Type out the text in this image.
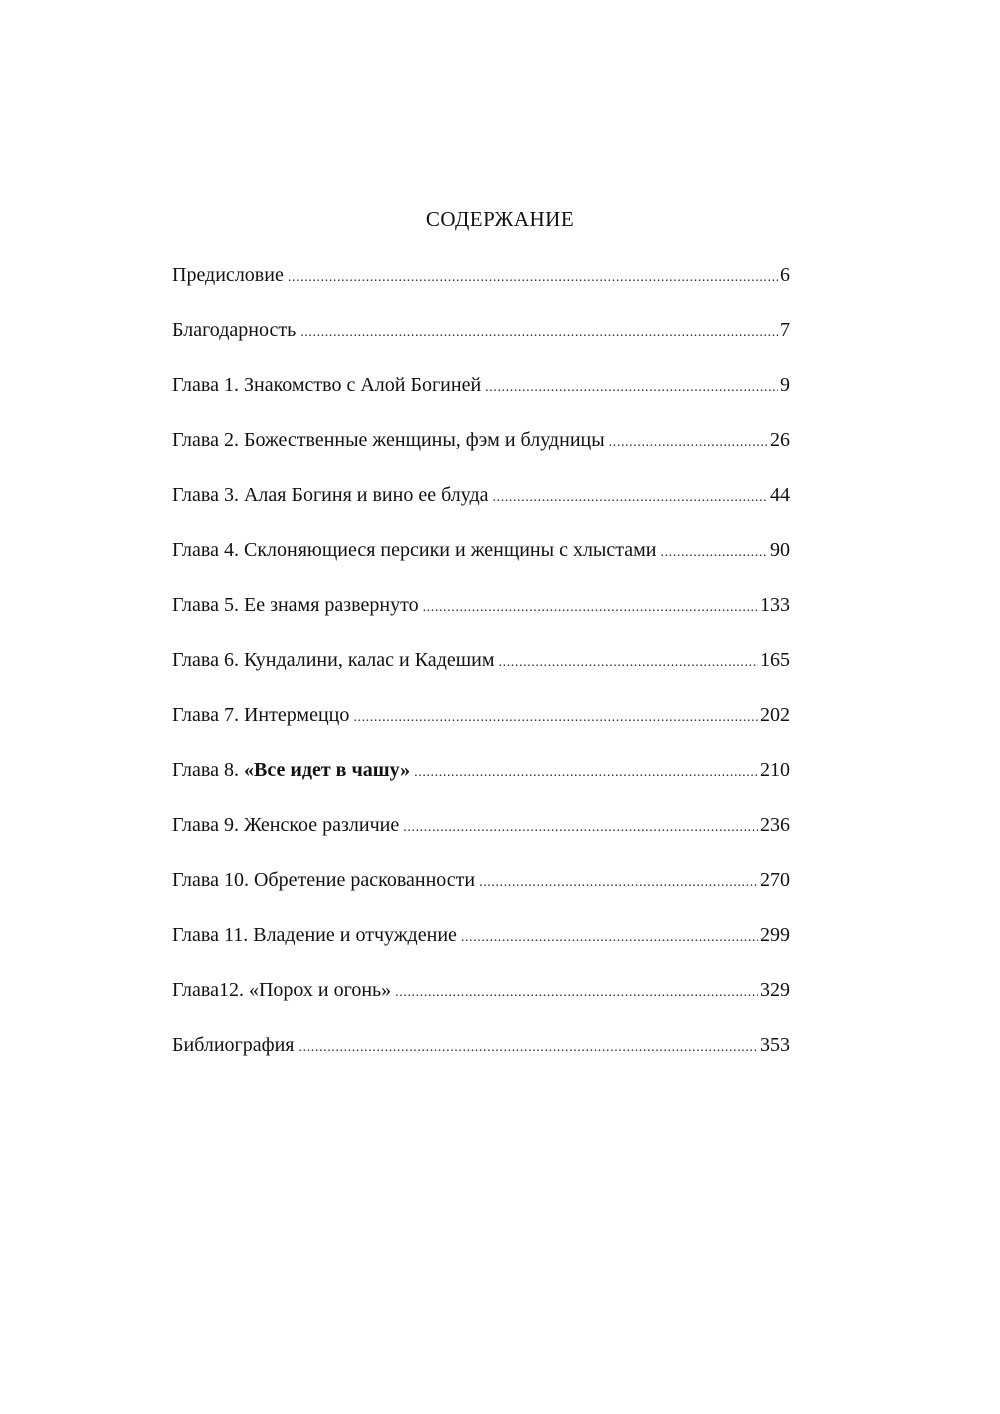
СОДЕРЖАНИЕ
Предисловие .....	6
Благодарность .....	7
Глава 1. Знакомство с Алой Богиней .....	9
Глава 2. Божественные женщины, фэм и блудницы .....	26
Глава 3. Алая Богиня и вино ее блуда .....	44
Глава 4. Склоняющиеся персики и женщины с хлыстами .....	90
Глава 5. Ее знамя развернуто .....	133
Глава 6. Кундалини, калас и Кадешим .....	165
Глава 7. Интермеццо .....	202
Глава 8. «Все идет в чашу» .....	210
Глава 9. Женское различие .....	236
Глава 10. Обретение раскованности .....	270
Глава 11. Владение и отчуждение .....	299
Глава12. «Порох и огонь» .....	329
Библиография .....	353
